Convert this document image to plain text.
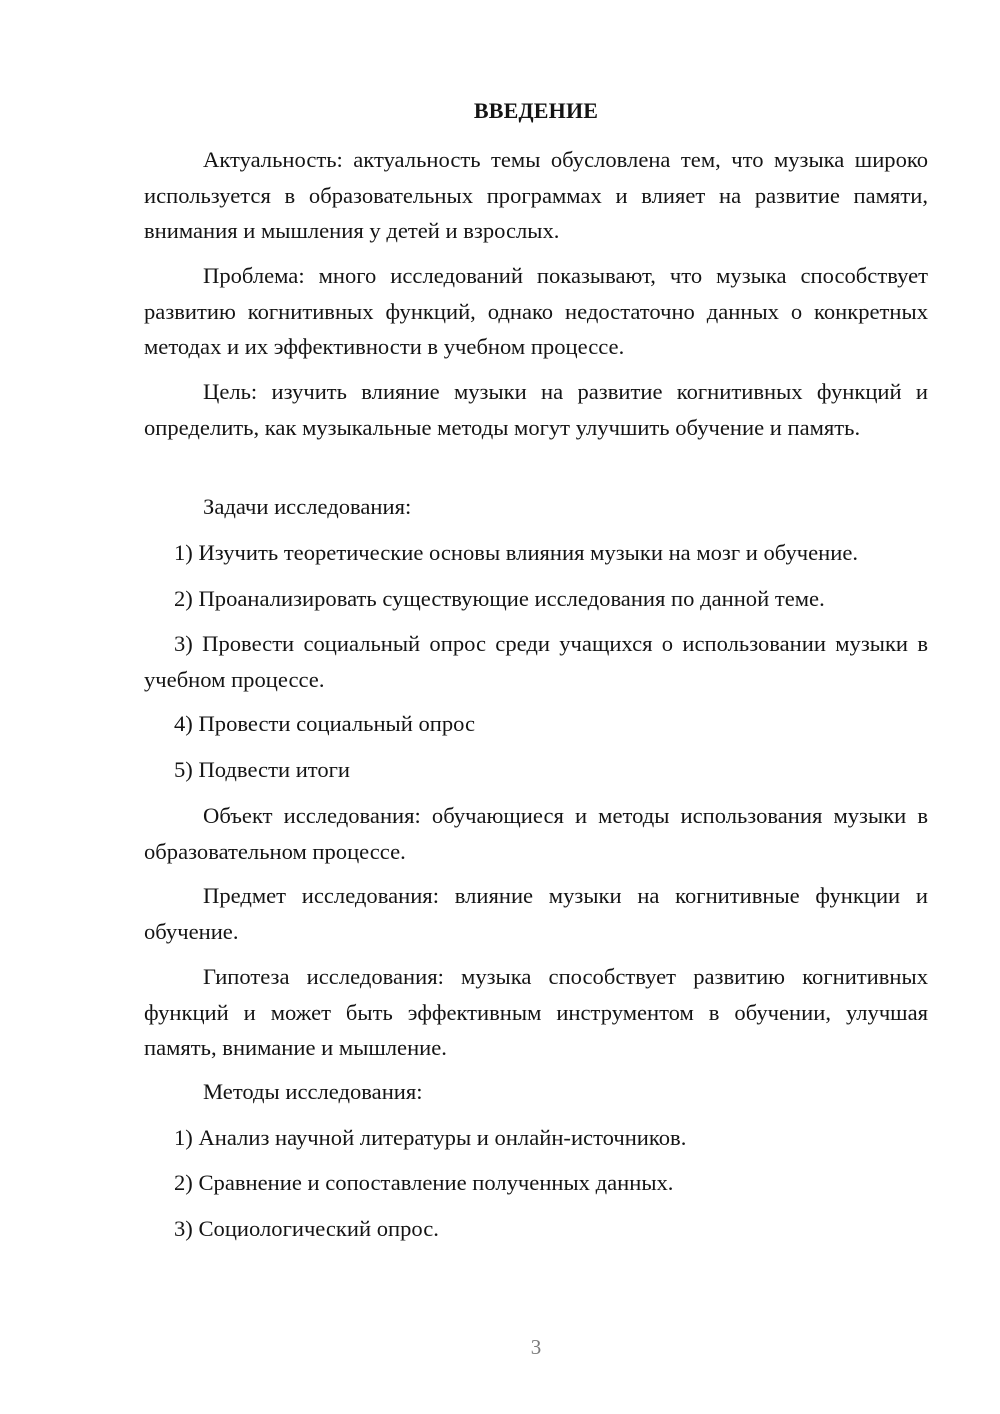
ВВЕДЕНИЕ

Актуальность: актуальность темы обусловлена тем, что музыка широко используется в образовательных программах и влияет на развитие памяти, внимания и мышления у детей и взрослых.

Проблема: много исследований показывают, что музыка способствует развитию когнитивных функций, однако недостаточно данных о конкретных методах и их эффективности в учебном процессе.

Цель: изучить влияние музыки на развитие когнитивных функций и определить, как музыкальные методы могут улучшить обучение и память.

Задачи исследования:

1) Изучить теоретические основы влияния музыки на мозг и обучение.

2) Проанализировать существующие исследования по данной теме.

3) Провести социальный опрос среди учащихся о использовании музыки в учебном процессе.

4) Провести социальный опрос

5) Подвести итоги

Объект исследования: обучающиеся и методы использования музыки в образовательном процессе.

Предмет исследования: влияние музыки на когнитивные функции и обучение.

Гипотеза исследования: музыка способствует развитию когнитивных функций и может быть эффективным инструментом в обучении, улучшая память, внимание и мышление.

Методы исследования:

1) Анализ научной литературы и онлайн-источников.

2) Сравнение и сопоставление полученных данных.

3) Социологический опрос.

3
